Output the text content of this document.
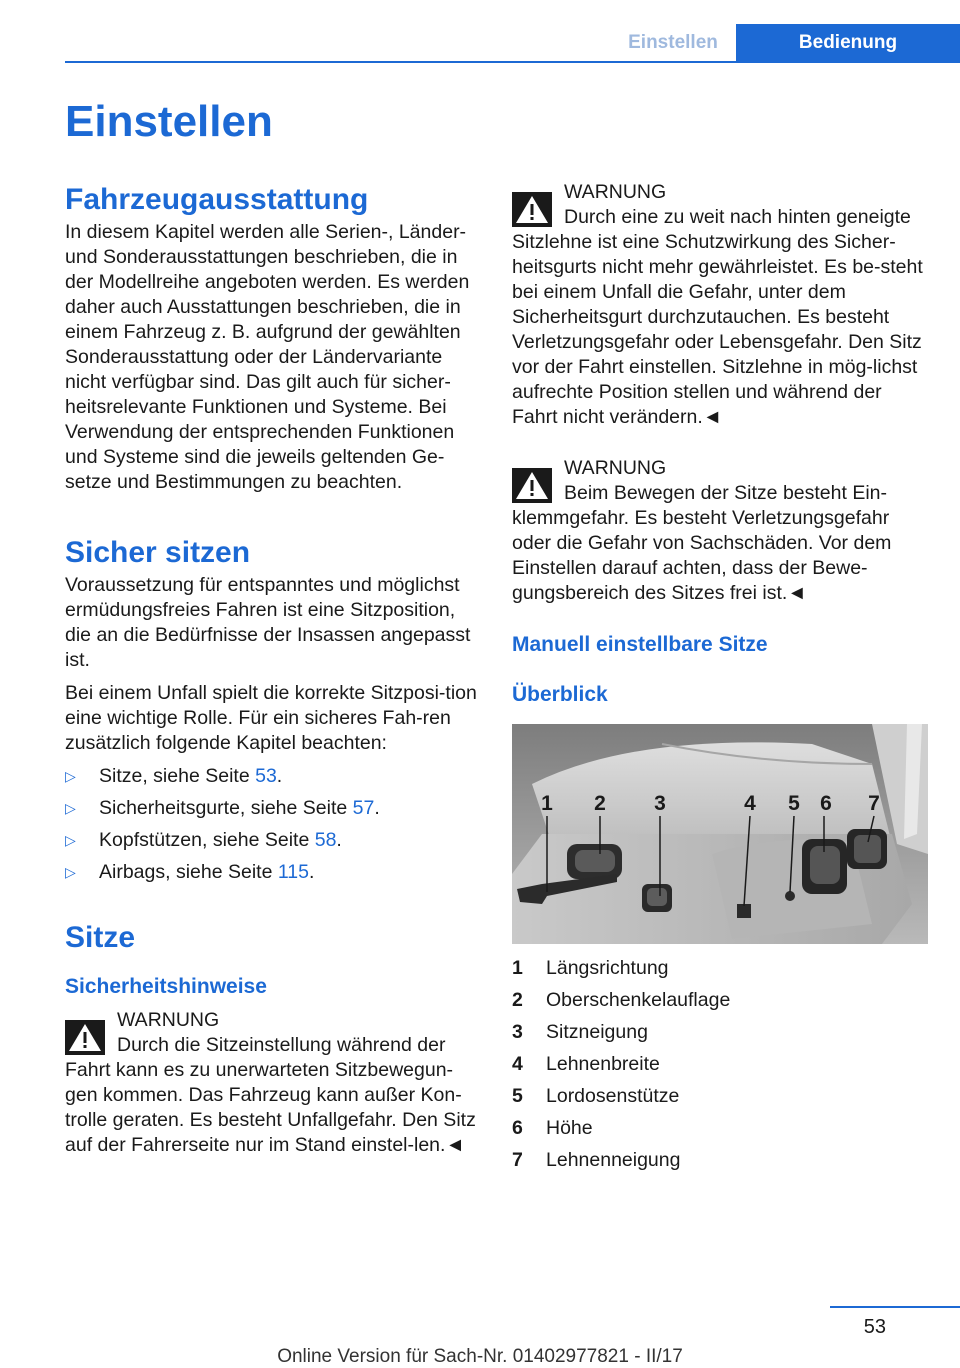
Einstellen	Bedienung
Einstellen
Fahrzeugausstattung

In diesem Kapitel werden alle Serien-, Länder- und Sonderausstattungen beschrieben, die in der Modellreihe angeboten werden. Es werden daher auch Ausstattungen beschrieben, die in einem Fahrzeug z. B. aufgrund der gewählten Sonderausstattung oder der Ländervariante nicht verfügbar sind. Das gilt auch für sicher-heitsrelevante Funktionen und Systeme. Bei Verwendung der entsprechenden Funktionen und Systeme sind die jeweils geltenden Ge-setze und Bestimmungen zu beachten.

Sicher sitzen

Voraussetzung für entspanntes und möglichst ermüdungsfreies Fahren ist eine Sitzposition, die an die Bedürfnisse der Insassen angepasst ist.

Bei einem Unfall spielt die korrekte Sitzposi-tion eine wichtige Rolle. Für ein sicheres Fah-ren zusätzlich folgende Kapitel beachten:

▷ Sitze, siehe Seite 53.
▷ Sicherheitsgurte, siehe Seite 57.
▷ Kopfstützen, siehe Seite 58.
▷ Airbags, siehe Seite 115.
Sitze
Sicherheitshinweise
WARNUNG
Durch die Sitzeinstellung während der Fahrt kann es zu unerwarteten Sitzbewegun-gen kommen. Das Fahrzeug kann außer Kon-trolle geraten. Es besteht Unfallgefahr. Den Sitz auf der Fahrerseite nur im Stand einstel-len.◄
WARNUNG
Durch eine zu weit nach hinten geneigte Sitzlehne ist eine Schutzwirkung des Sicher-heitsgurts nicht mehr gewährleistet. Es be-steht bei einem Unfall die Gefahr, unter dem Sicherheitsgurt durchzutauchen. Es besteht Verletzungsgefahr oder Lebensgefahr. Den Sitz vor der Fahrt einstellen. Sitzlehne in mög-lichst aufrechte Position stellen und während der Fahrt nicht verändern.◄
WARNUNG
Beim Bewegen der Sitze besteht Ein-klemmgefahr. Es besteht Verletzungsgefahr oder die Gefahr von Sachschäden. Vor dem Einstellen darauf achten, dass der Bewe-gungsbereich des Sitzes frei ist.◄
Manuell einstellbare Sitze
Überblick
1 2 3	4 5 6 7
1 Längsrichtung
2 Oberschenkelauflage
3 Sitzneigung
4 Lehnenbreite
5 Lordosenstütze
6 Höhe
7 Lehnenneigung
53
Online Version für Sach-Nr. 01402977821 - II/17
